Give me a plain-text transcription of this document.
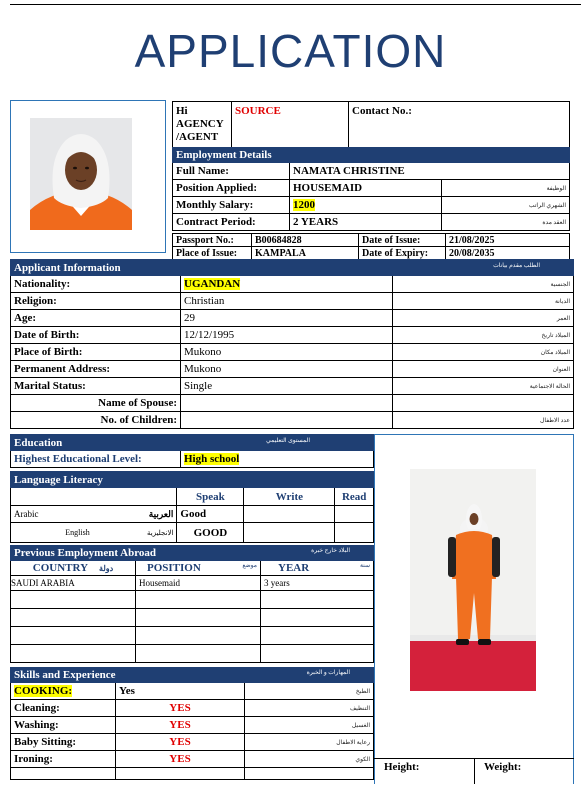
APPLICATION
Hi AGENCY /AGENT	SOURCE	Contact No.:
Employment Details		
Full Name:	NAMATA CHRISTINE	
Position Applied:	HOUSEMAID	الوظيفة
Monthly Salary:	1200	الشهري الراتب
Contract Period:	2 YEARS	العقد مدة
Passport No.:	B00684828	Date of Issue:	21/08/2025
Place of Issue:	KAMPALA	Date of Expiry:	20/08/2035
Applicant Information الطلب مقدم بيانات		

Nationality:	UGANDAN	الجنسية
Religion:	Christian	الديانة
Age:	29	العمر
Date of Birth:	12/12/1995	الميلاد تاريخ
Place of Birth:	Mukono	الميلاد مكان
Permanent Address:	Mukono	العنوان
Marital Status:	Single	الحالة الاجتماعية
Name of Spouse:		
No. of Children:		عدد الاطفال
Education	المستوى التعليمي

Highest Educational Level:	High school
Language Literacy				
		Speak	Write	Read
Arabic	العربية	Good		
English	الانجليزية	GOOD		
Previous Employment Abroad البلاد خارج خبرة		

COUNTRY دولة	POSITION موضع	YEAR سنة

SAUDI ARABIA	Housemaid	3 years

Skills and Experience المهارات و الخبرة		

COOKING:	Yes	الطبخ
Cleaning:	YES	التنظيف
Washing:	YES	الغسيل
Baby Sitting:	YES	رعاية الاطفال
Ironing:	YES	الكوي

Height:	Weight:
